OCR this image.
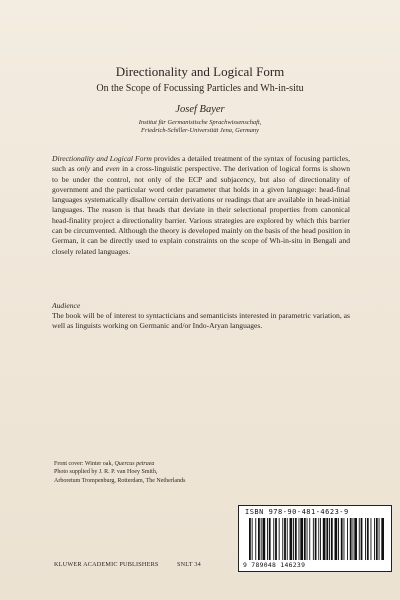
Directionality and Logical Form
On the Scope of Focussing Particles and Wh-in-situ
Josef Bayer
Institut für Germanistische Sprachwissenschaft,
Friedrich-Schiller-Universität Jena, Germany

Directionality and Logical Form provides a detailed treatment of the syntax of focusing particles, such as only and even in a cross-linguistic perspective. The derivation of logical forms is shown to be under the control, not only of the ECP and subjacency, but also of directionality of government and the particular word order parameter that holds in a given language: head-final languages systematically disallow certain derivations or readings that are available in head-initial languages. The reason is that heads that deviate in their selectional properties from canonical head-finality project a directionality barrier. Various strategies are explored by which this barrier can be circumvented. Although the theory is developed mainly on the basis of the head position in German, it can be directly used to explain constraints on the scope of Wh-in-situ in Bengali and closely related languages.

Audience

The book will be of interest to syntacticians and semanticists interested in parametric variation, as well as linguists working on Germanic and/or Indo-Aryan languages.

Front cover: Winter oak, Quercus petraea
Photo supplied by J. R. P. van Hoey Smith,
Arboretum Trompenburg, Rotterdam, The Netherlands
ISBN 978-90-481-4623-9
9 789048 146239
KLUWER ACADEMIC PUBLISHERS	SNLT 34
